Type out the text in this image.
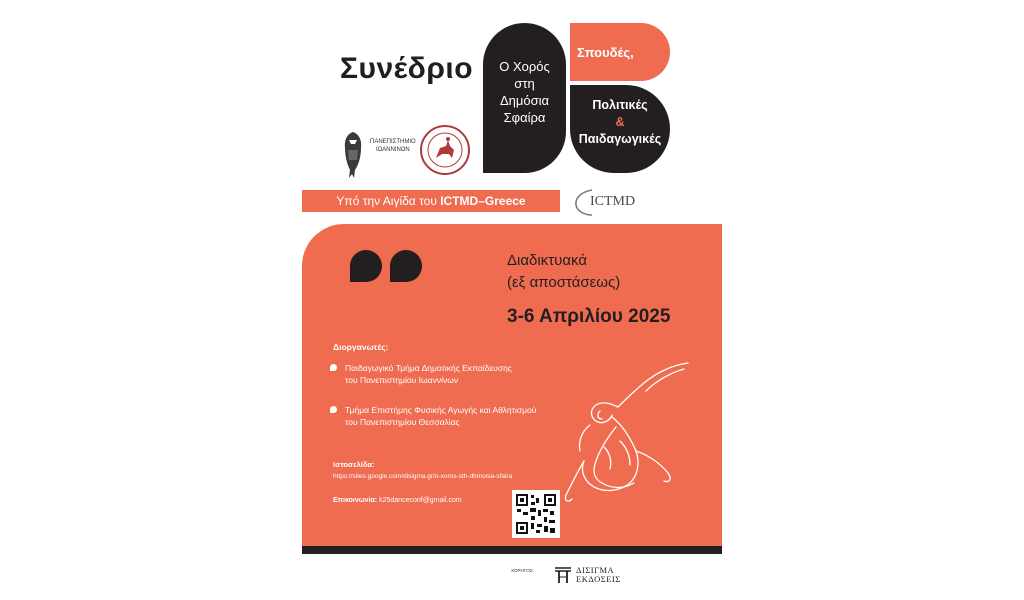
Συνέδριο	Ο Χορός
στη
Δημόσια
Σφαίρα
Σπουδές,
Πολιτικές
&
Παιδαγωγικές
ΠΑΝΕΠΙΣΤΗΜΙΟ
ΙΩΑΝΝΙΝΩΝ
Υπό την Αιγίδα του ICTMD–Greece	ICTMD
Διαδικτυακά
(εξ αποστάσεως)
3-6 Απριλίου 2025
Διοργανωτές:
Παιδαγωγικό Τμήμα Δημοτικής Εκπαίδευσης
του Πανεπιστημίου Ιωαννίνων
Τμήμα Επιστήμης Φυσικής Αγωγής και Αθλητισμού
του Πανεπιστημίου Θεσσαλίας
Ιστοσελίδα:
https://sites.google.com/disigma.gr/o-xoros-sth-dhmosia-sfaira
Επικοινωνία: k25danceconf@gmail.com
ΧΟΡΗΓΟΣ:	ΔΙΣΙΓΜΑ
ΕΚΔΟΣΕΙΣ
